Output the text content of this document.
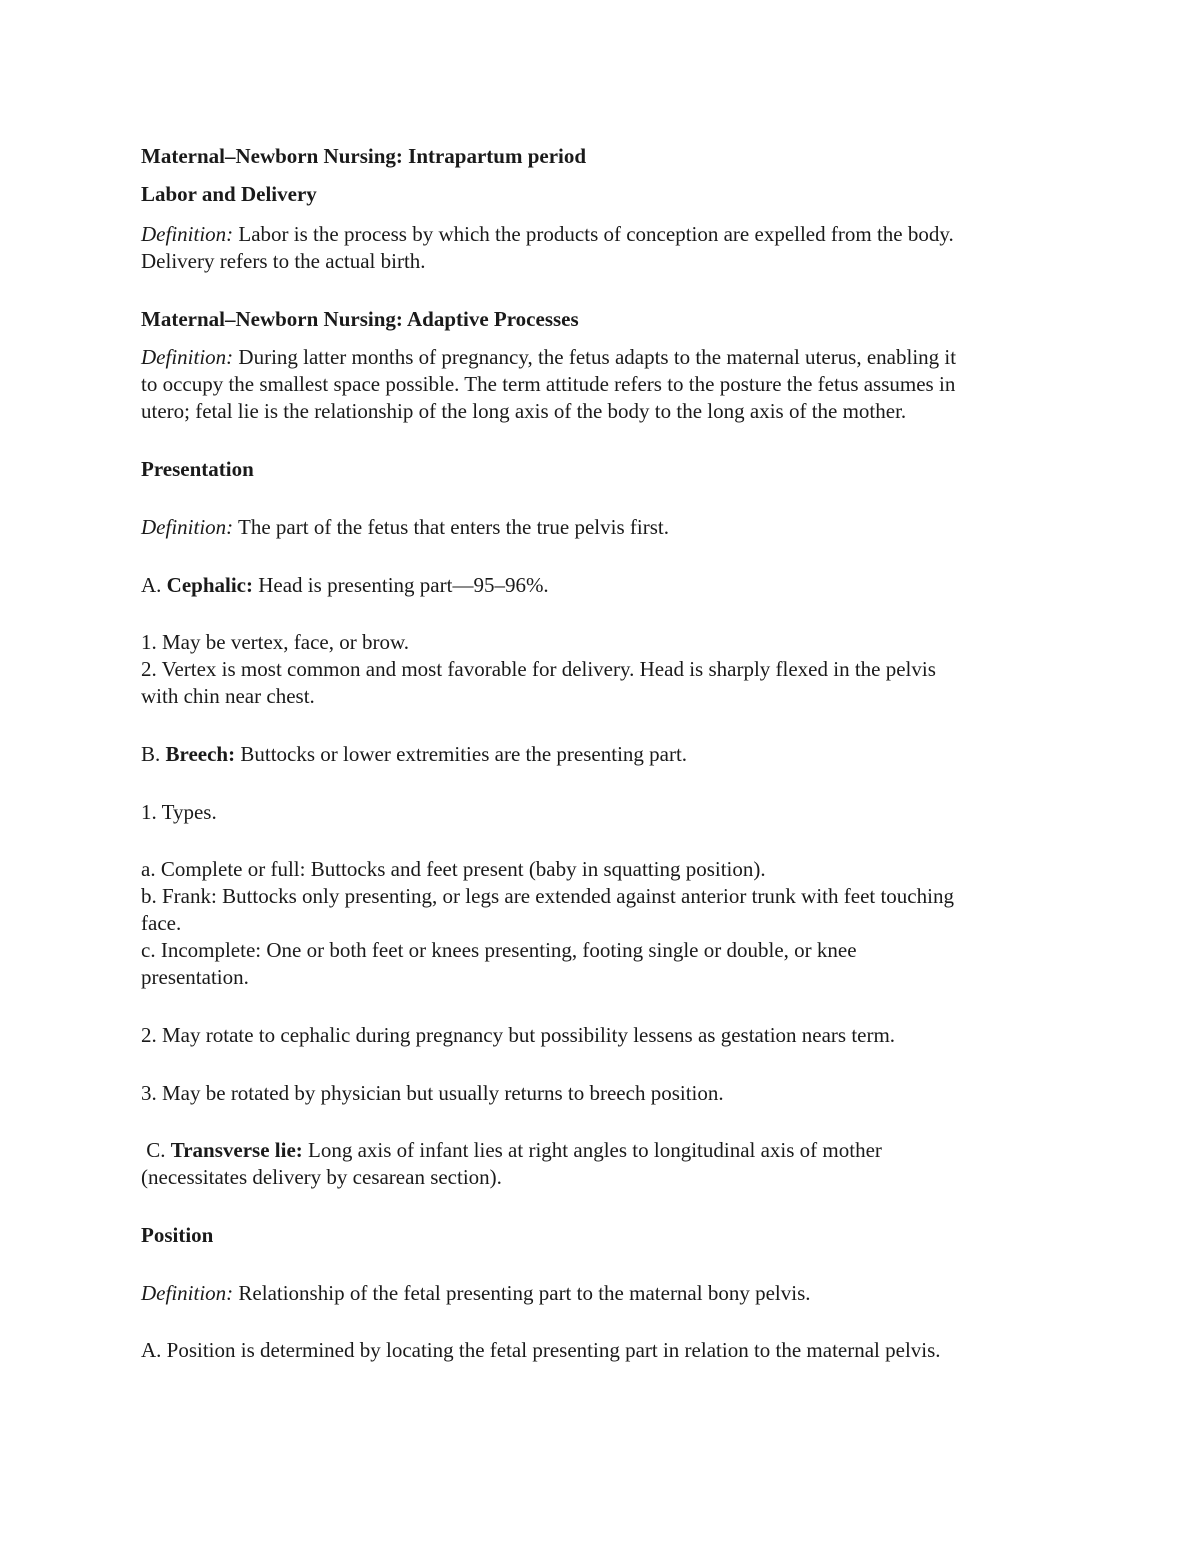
Maternal–Newborn Nursing: Intrapartum period
Labor and Delivery
Definition: Labor is the process by which the products of conception are expelled from the body.
Delivery refers to the actual birth.
Maternal–Newborn Nursing: Adaptive Processes
Definition: During latter months of pregnancy, the fetus adapts to the maternal uterus, enabling it
to occupy the smallest space possible. The term attitude refers to the posture the fetus assumes in
utero; fetal lie is the relationship of the long axis of the body to the long axis of the mother.
Presentation
Definition: The part of the fetus that enters the true pelvis first.
A. Cephalic: Head is presenting part—95–96%.
1. May be vertex, face, or brow.
2. Vertex is most common and most favorable for delivery. Head is sharply flexed in the pelvis
with chin near chest.
B. Breech: Buttocks or lower extremities are the presenting part.
1. Types.
a. Complete or full: Buttocks and feet present (baby in squatting position).
b. Frank: Buttocks only presenting, or legs are extended against anterior trunk with feet touching
face.
c. Incomplete: One or both feet or knees presenting, footing single or double, or knee
presentation.
2. May rotate to cephalic during pregnancy but possibility lessens as gestation nears term.
3. May be rotated by physician but usually returns to breech position.
C. Transverse lie: Long axis of infant lies at right angles to longitudinal axis of mother
(necessitates delivery by cesarean section).
Position
Definition: Relationship of the fetal presenting part to the maternal bony pelvis.
A. Position is determined by locating the fetal presenting part in relation to the maternal pelvis.
